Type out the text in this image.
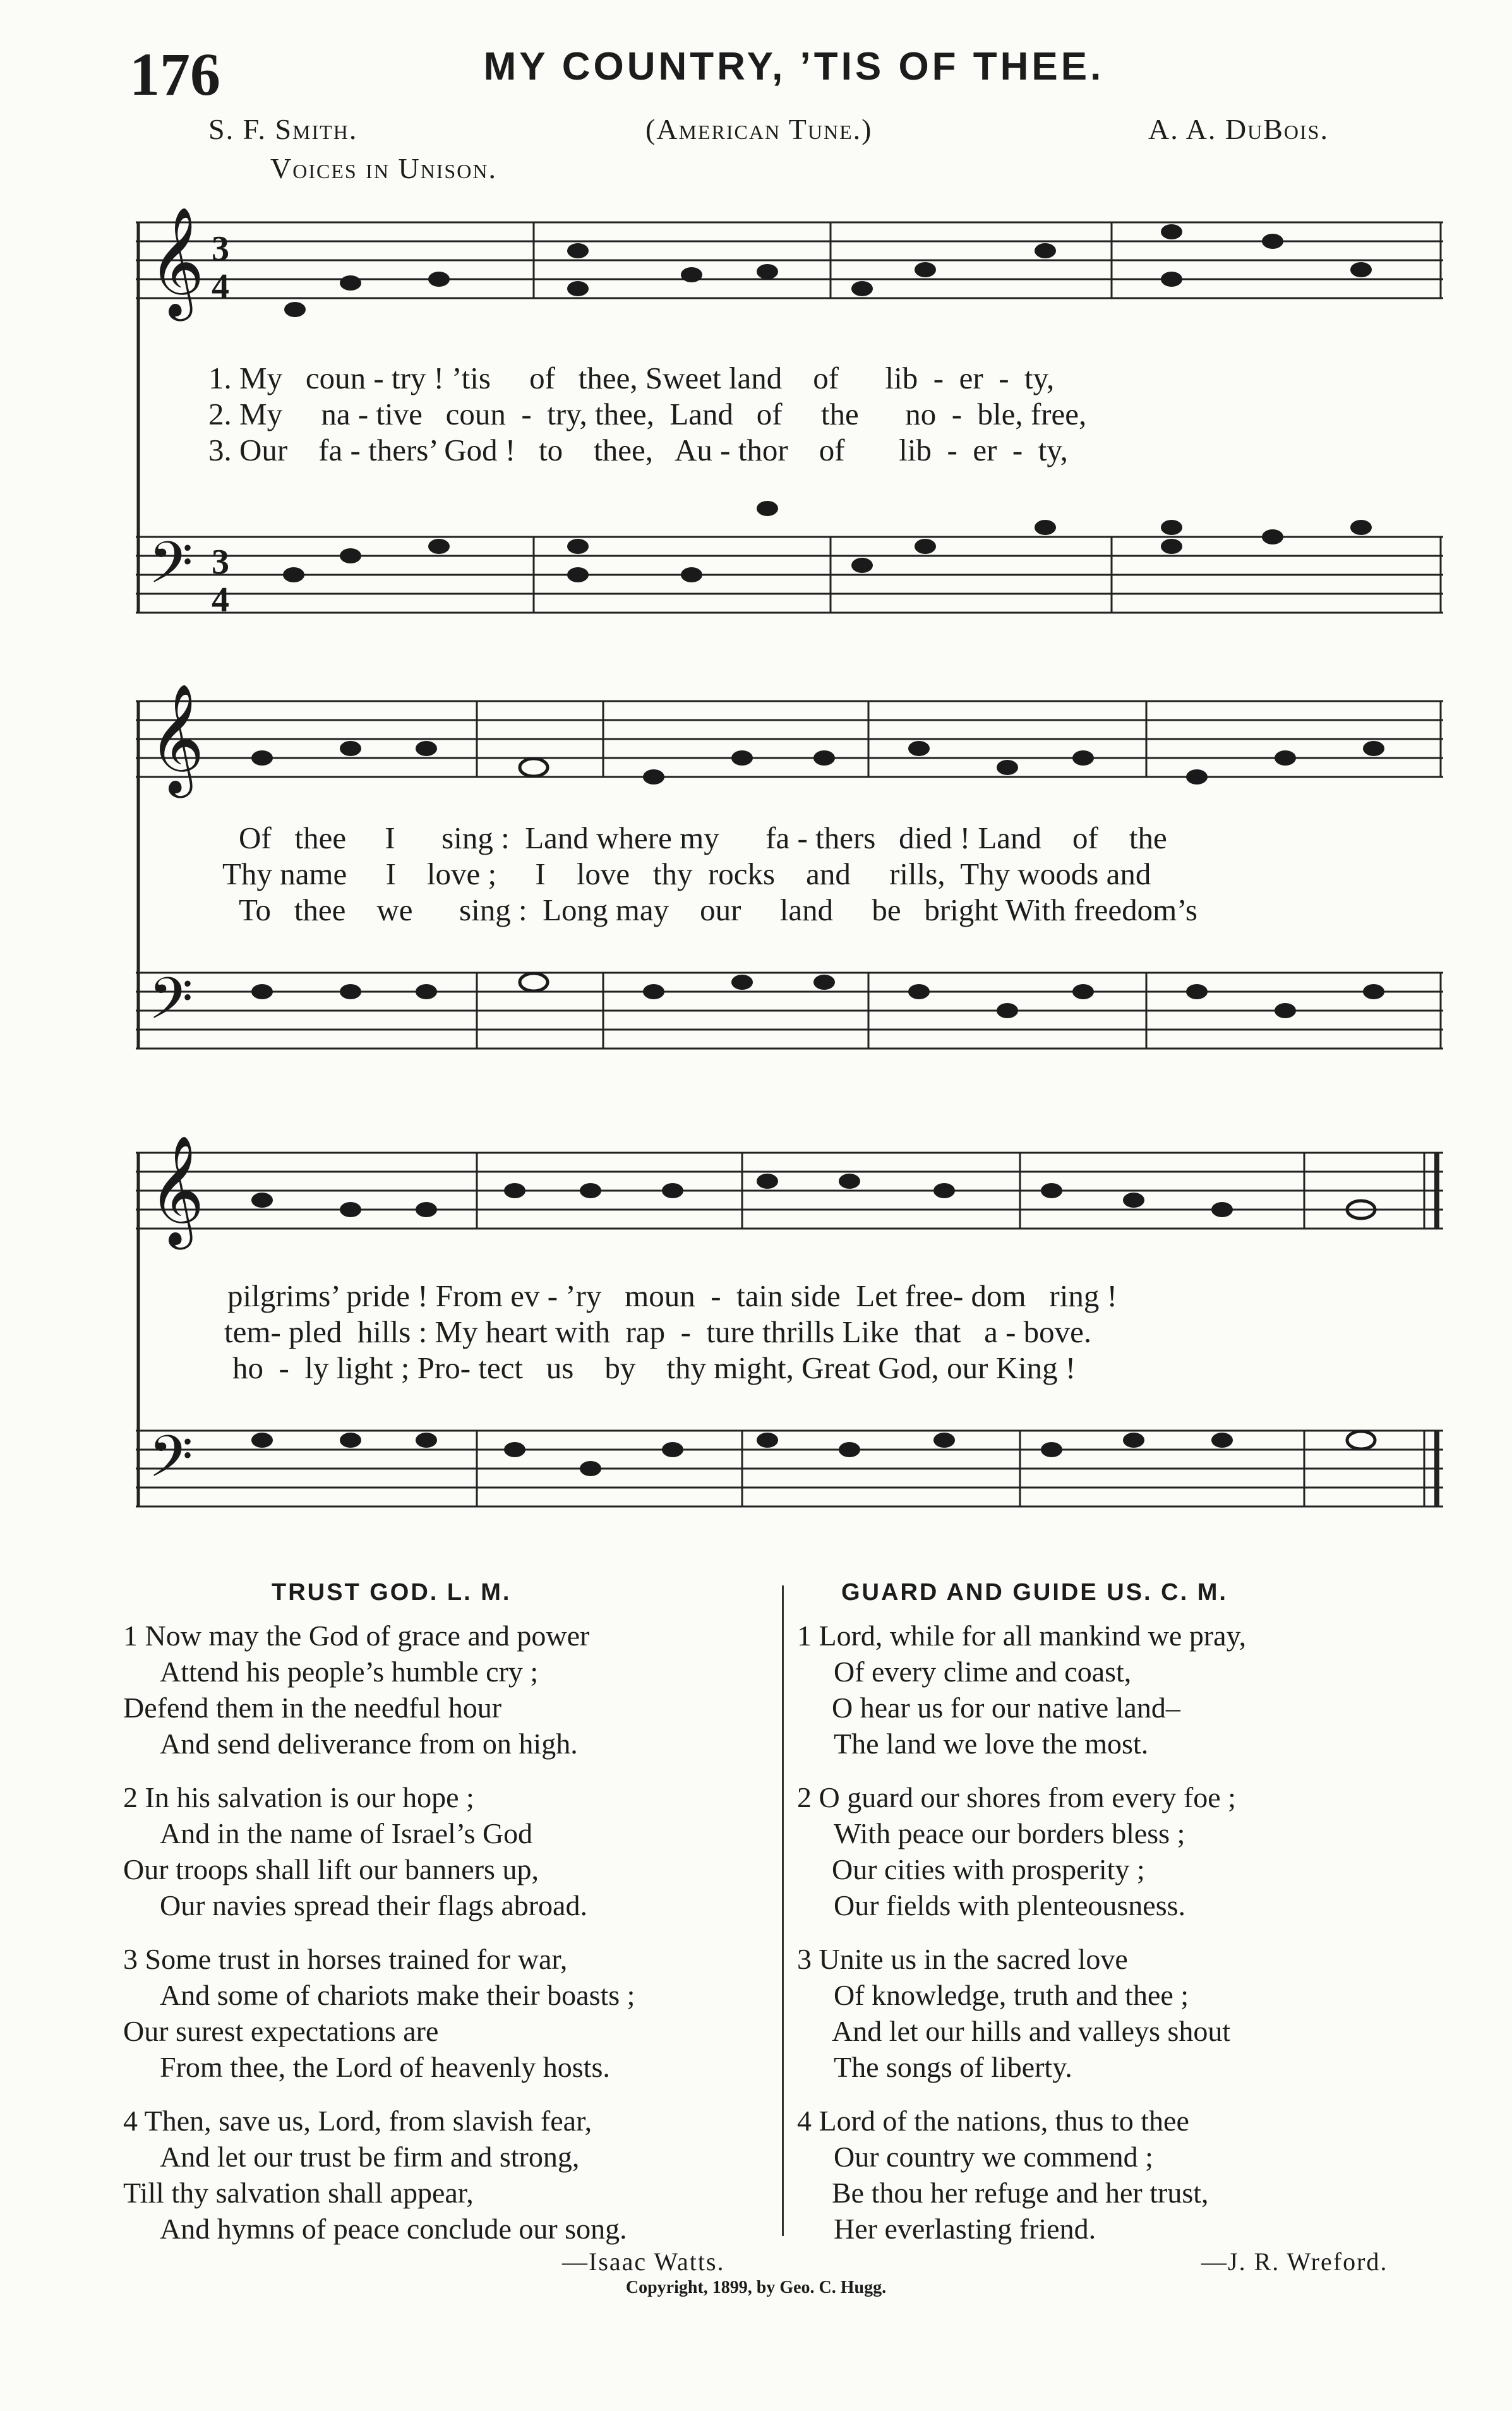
176	MY COUNTRY, ’TIS OF THEE.
S. F. Smith.	(American Tune.)	A. A. DuBois.
Voices in Unison.
𝄞 3
4
𝄢 3
4
1. My coun - try ! ’tis of thee, Sweet land of lib - er - ty,
2. My na - tive coun - try, thee, Land of the no - ble, free,
3. Our fa - thers’ God ! to thee, Au - thor of lib - er - ty,
𝄞
𝄢
Of thee I sing : Land where my fa - thers died ! Land of the
Thy name I love ; I love thy rocks and rills, Thy woods and
To thee we sing : Long may our land be bright With freedom’s
𝄞
𝄢
pilgrims’ pride ! From ev - ’ry moun - tain side Let free- dom ring !
tem- pled hills : My heart with rap - ture thrills Like that a - bove.
ho - ly light ; Pro- tect us by thy might, Great God, our King !
TRUST GOD. L. M.
1 Now may the God of grace and power
Attend his people’s humble cry ;
Defend them in the needful hour
And send deliverance from on high.
2 In his salvation is our hope ;
And in the name of Israel’s God
Our troops shall lift our banners up,
Our navies spread their flags abroad.
3 Some trust in horses trained for war,
And some of chariots make their boasts ;
Our surest expectations are
From thee, the Lord of heavenly hosts.
4 Then, save us, Lord, from slavish fear,
And let our trust be firm and strong,
Till thy salvation shall appear,
And hymns of peace conclude our song.
—Isaac Watts.
GUARD AND GUIDE US. C. M.
1 Lord, while for all mankind we pray,
Of every clime and coast,
O hear us for our native land–
The land we love the most.
2 O guard our shores from every foe ;
With peace our borders bless ;
Our cities with prosperity ;
Our fields with plenteousness.
3 Unite us in the sacred love
Of knowledge, truth and thee ;
And let our hills and valleys shout
The songs of liberty.
4 Lord of the nations, thus to thee
Our country we commend ;
Be thou her refuge and her trust,
Her everlasting friend.
—J. R. Wreford.
Copyright, 1899, by Geo. C. Hugg.
